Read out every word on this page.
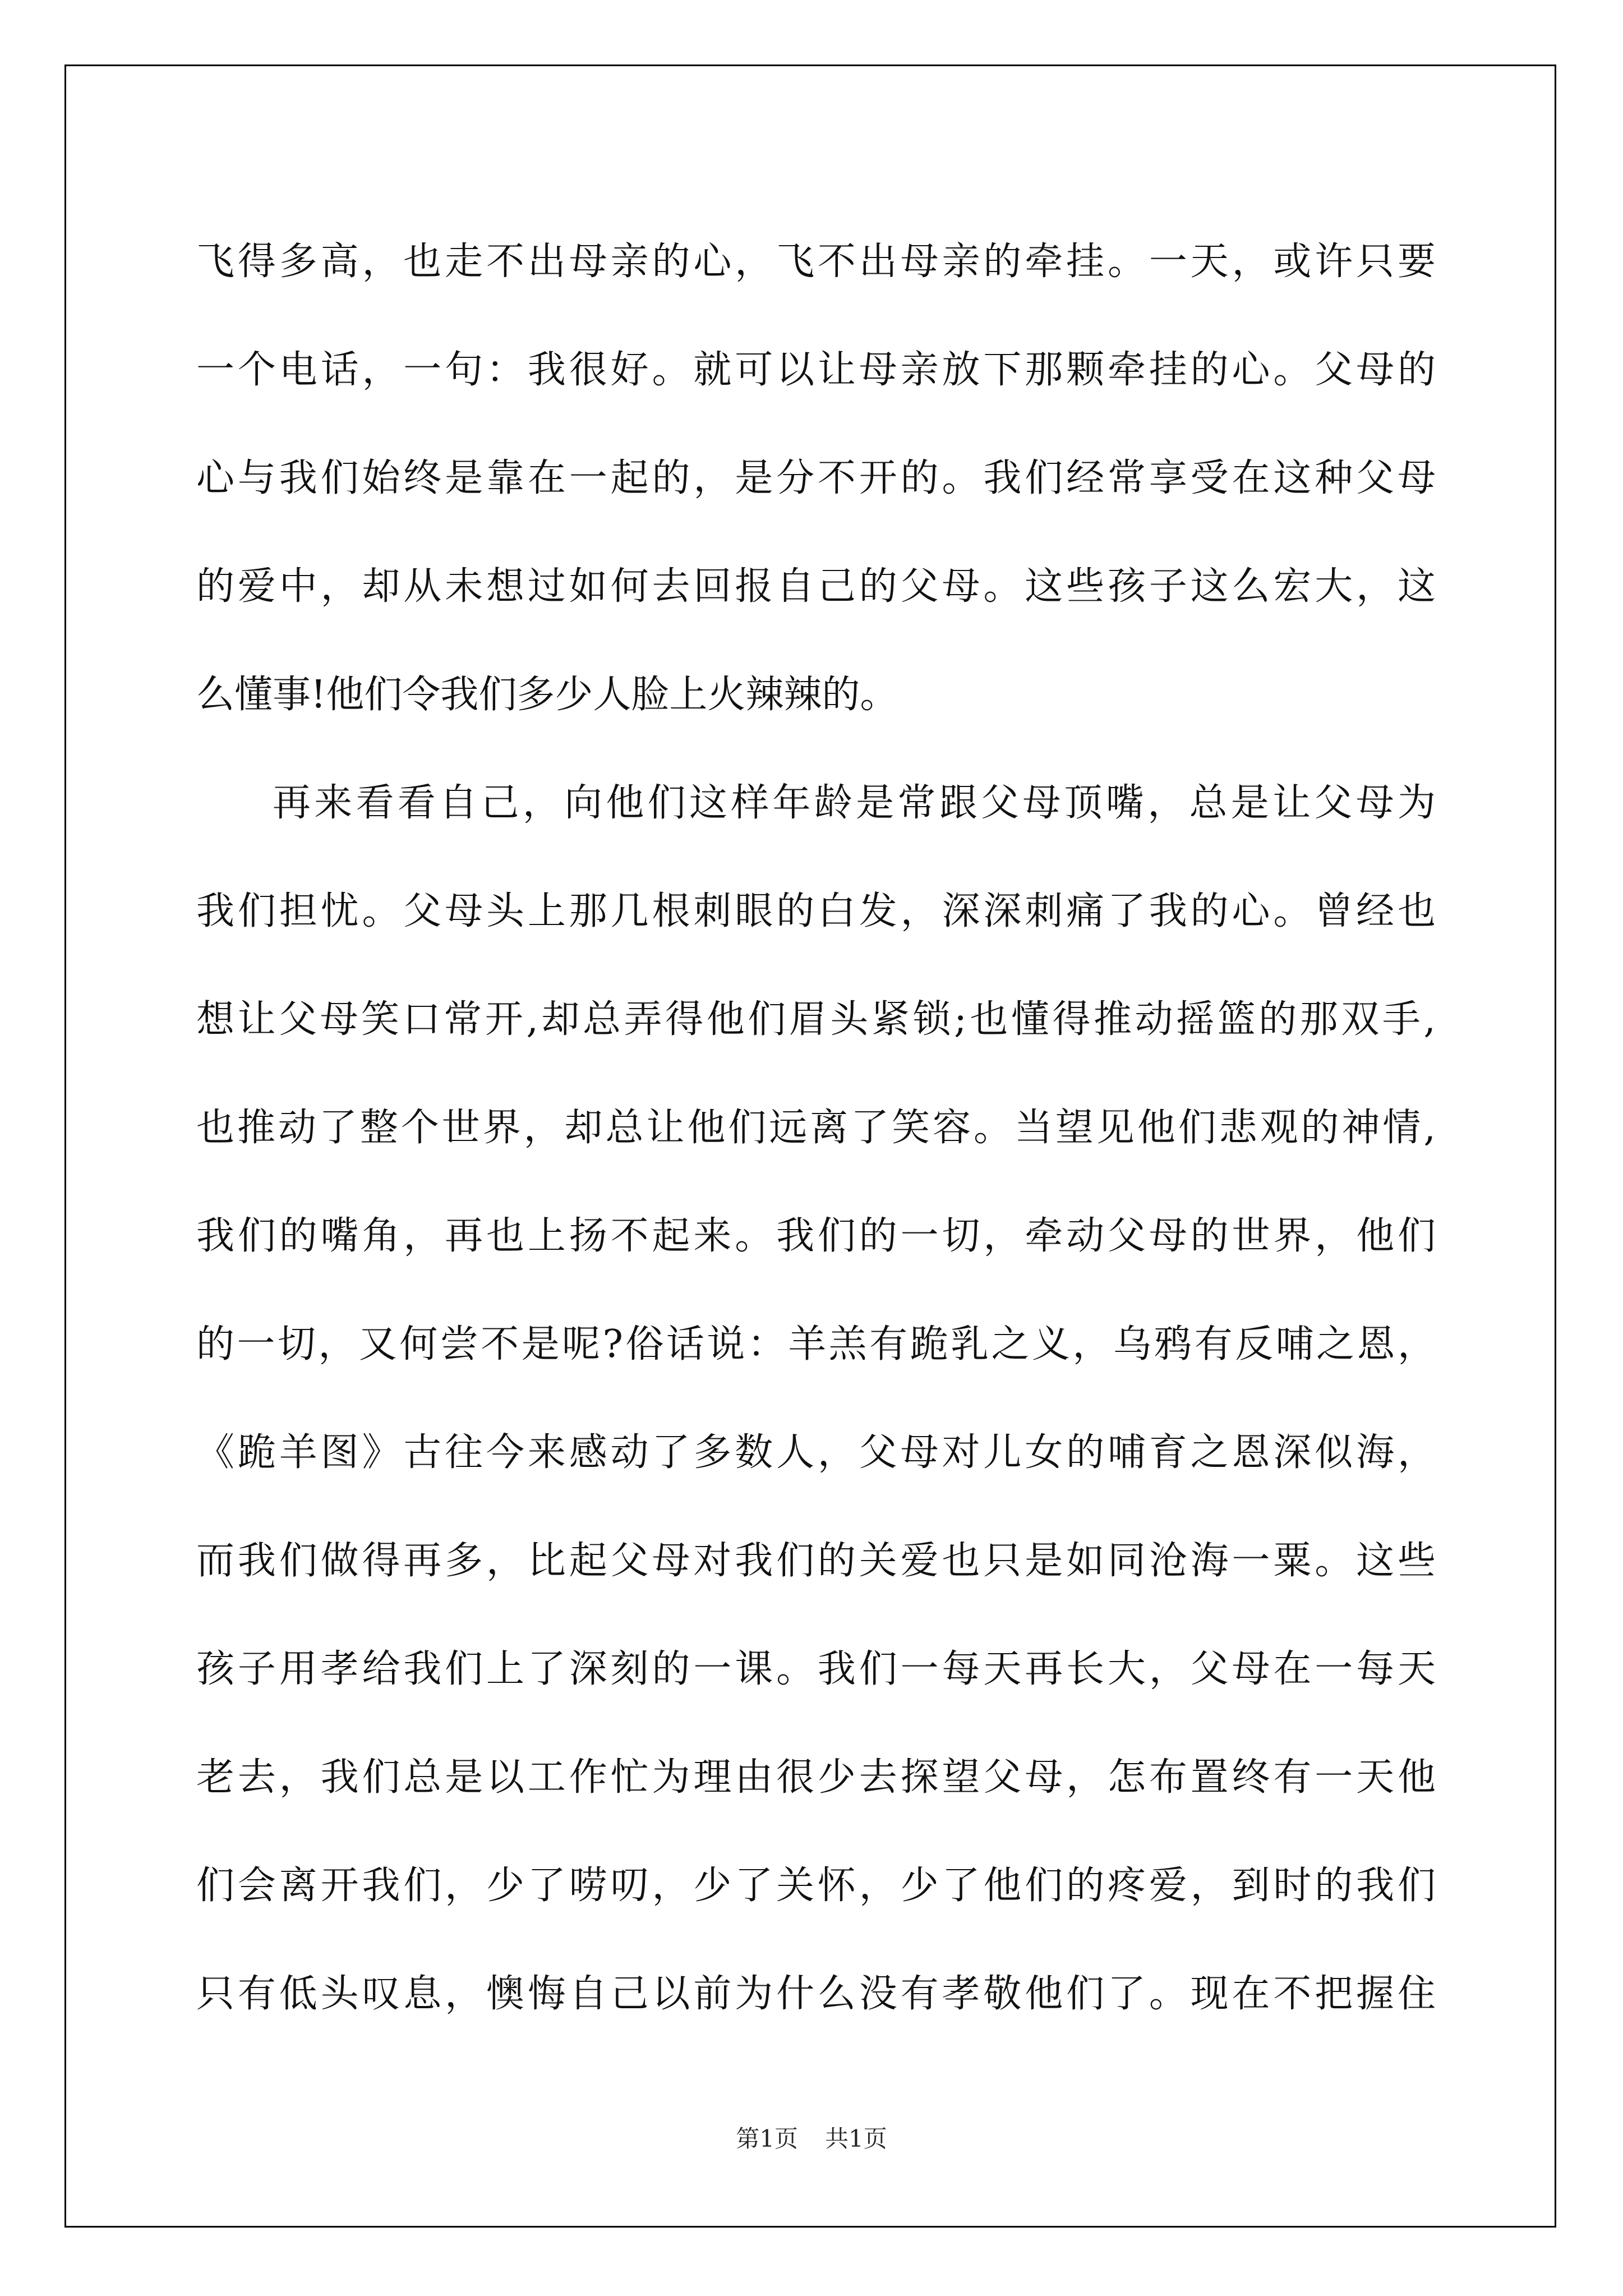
飞得多高，也走不出母亲的心，飞不出母亲的牵挂。一天，或许只要
一个电话，一句：我很好。就可以让母亲放下那颗牵挂的心。父母的
心与我们始终是靠在一起的，是分不开的。我们经常享受在这种父母
的爱中，却从未想过如何去回报自己的父母。这些孩子这么宏大，这
么懂事!他们令我们多少人脸上火辣辣的。
再来看看自己，向他们这样年龄是常跟父母顶嘴，总是让父母为
我们担忧。父母头上那几根刺眼的白发，深深刺痛了我的心。曾经也
想让父母笑口常开,却总弄得他们眉头紧锁;也懂得推动摇篮的那双手,
也推动了整个世界，却总让他们远离了笑容。当望见他们悲观的神情,
我们的嘴角，再也上扬不起来。我们的一切，牵动父母的世界，他们
的一切，又何尝不是呢?俗话说：羊羔有跪乳之义，乌鸦有反哺之恩，
《跪羊图》古往今来感动了多数人，父母对儿女的哺育之恩深似海，
而我们做得再多，比起父母对我们的关爱也只是如同沧海一粟。这些
孩子用孝给我们上了深刻的一课。我们一每天再长大，父母在一每天
老去，我们总是以工作忙为理由很少去探望父母，怎布置终有一天他
们会离开我们，少了唠叨，少了关怀，少了他们的疼爱，到时的我们
只有低头叹息，懊悔自己以前为什么没有孝敬他们了。现在不把握住
第1页 共1页
